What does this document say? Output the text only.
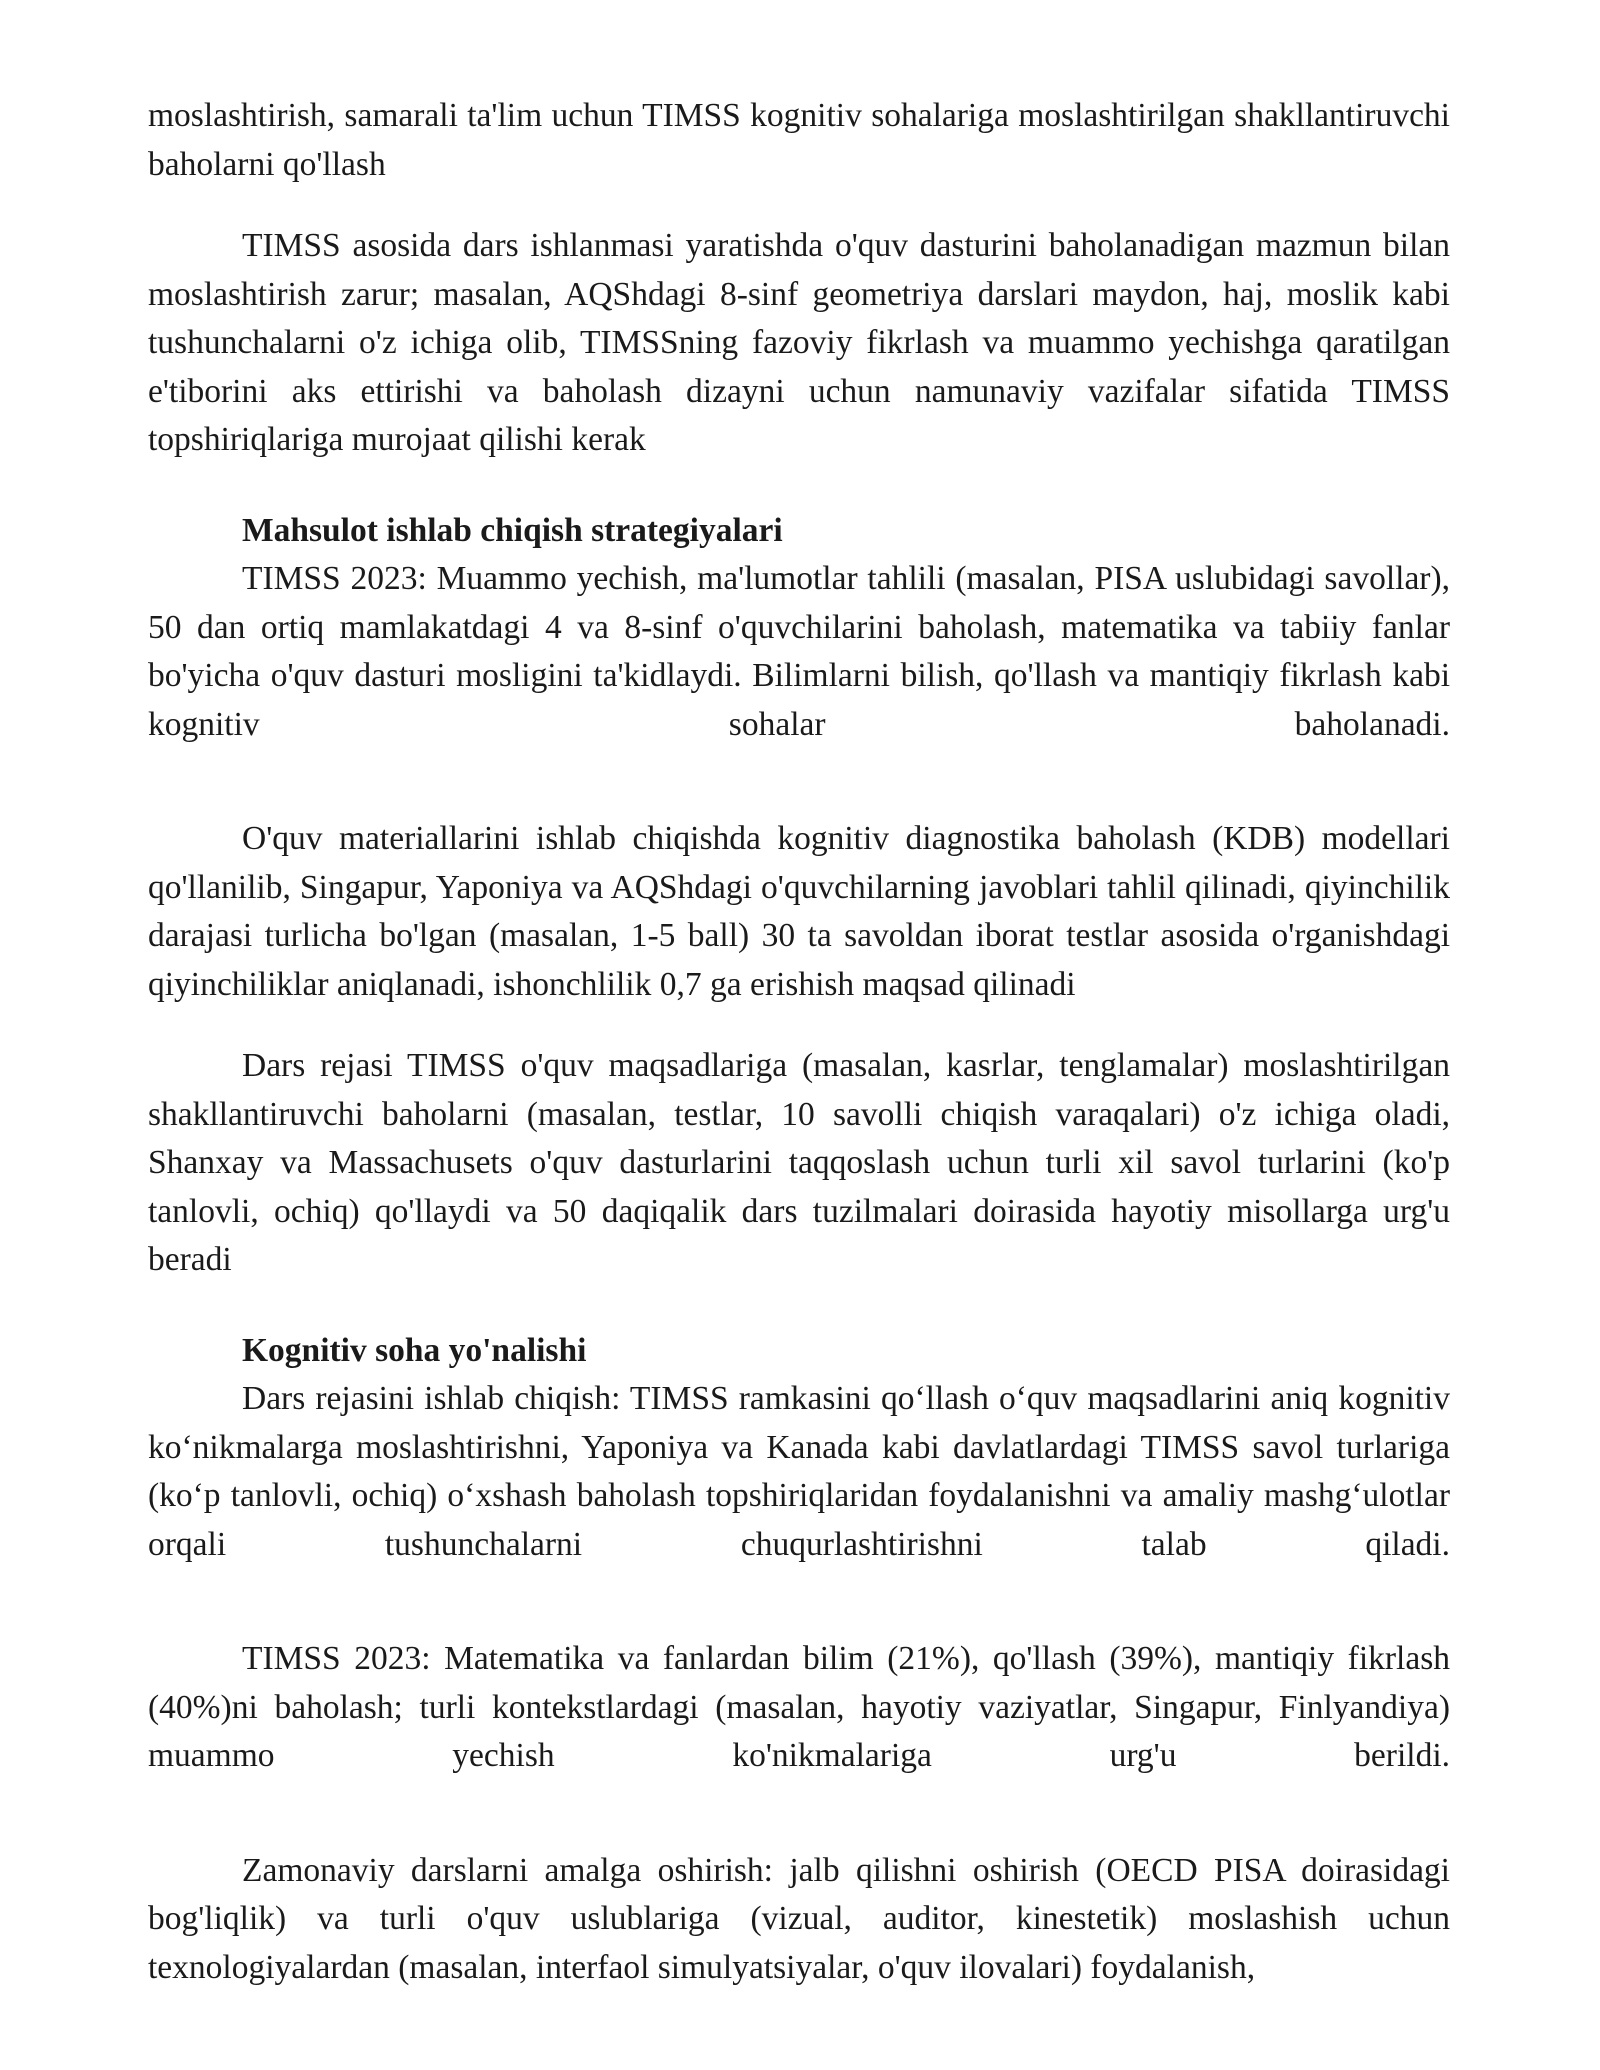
moslashtirish, samarali ta'lim uchun TIMSS kognitiv sohalariga moslashtirilgan shakllantiruvchi baholarni qo'llash

TIMSS asosida dars ishlanmasi yaratishda o'quv dasturini baholanadigan mazmun bilan moslashtirish zarur; masalan, AQShdagi 8-sinf geometriya darslari maydon, haj, moslik kabi tushunchalarni o'z ichiga olib, TIMSSning fazoviy fikrlash va muammo yechishga qaratilgan e'tiborini aks ettirishi va baholash dizayni uchun namunaviy vazifalar sifatida TIMSS topshiriqlariga murojaat qilishi kerak

Mahsulot ishlab chiqish strategiyalari

TIMSS 2023: Muammo yechish, ma'lumotlar tahlili (masalan, PISA uslubidagi savollar), 50 dan ortiq mamlakatdagi 4 va 8-sinf o'quvchilarini baholash, matematika va tabiiy fanlar bo'yicha o'quv dasturi mosligini ta'kidlaydi. Bilimlarni bilish, qo'llash va mantiqiy fikrlash kabi kognitiv sohalar baholanadi.

O'quv materiallarini ishlab chiqishda kognitiv diagnostika baholash (KDB) modellari qo'llanilib, Singapur, Yaponiya va AQShdagi o'quvchilarning javoblari tahlil qilinadi, qiyinchilik darajasi turlicha bo'lgan (masalan, 1-5 ball) 30 ta savoldan iborat testlar asosida o'rganishdagi qiyinchiliklar aniqlanadi, ishonchlilik 0,7 ga erishish maqsad qilinadi

Dars rejasi TIMSS o'quv maqsadlariga (masalan, kasrlar, tenglamalar) moslashtirilgan shakllantiruvchi baholarni (masalan, testlar, 10 savolli chiqish varaqalari) o'z ichiga oladi, Shanxay va Massachusets o'quv dasturlarini taqqoslash uchun turli xil savol turlarini (ko'p tanlovli, ochiq) qo'llaydi va 50 daqiqalik dars tuzilmalari doirasida hayotiy misollarga urg'u beradi

Kognitiv soha yo'nalishi

Dars rejasini ishlab chiqish: TIMSS ramkasini qo‘llash o‘quv maqsadlarini aniq kognitiv ko‘nikmalarga moslashtirishni, Yaponiya va Kanada kabi davlatlardagi TIMSS savol turlariga (ko‘p tanlovli, ochiq) o‘xshash baholash topshiriqlaridan foydalanishni va amaliy mashg‘ulotlar orqali tushunchalarni chuqurlashtirishni talab qiladi.

TIMSS 2023: Matematika va fanlardan bilim (21%), qo'llash (39%), mantiqiy fikrlash (40%)ni baholash; turli kontekstlardagi (masalan, hayotiy vaziyatlar, Singapur, Finlyandiya) muammo yechish ko'nikmalariga urg'u berildi.

Zamonaviy darslarni amalga oshirish: jalb qilishni oshirish (OECD PISA doirasidagi bog'liqlik) va turli o'quv uslublariga (vizual, auditor, kinestetik) moslashish uchun texnologiyalardan (masalan, interfaol simulyatsiyalar, o'quv ilovalari) foydalanish,
